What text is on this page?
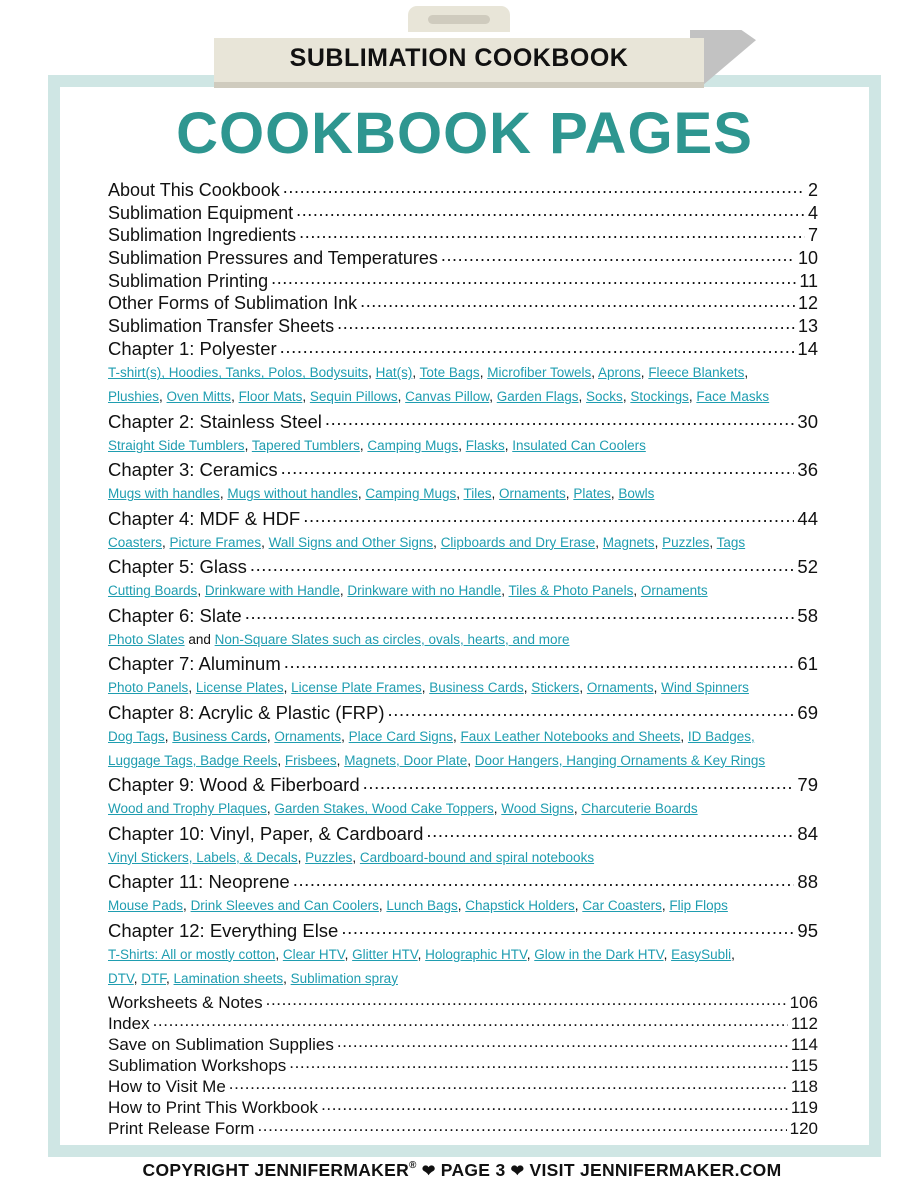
SUBLIMATION COOKBOOK
COOKBOOK PAGES
About This Cookbook .....	2
Sublimation Equipment .....	4
Sublimation Ingredients .....	7
Sublimation Pressures and Temperatures .....	10
Sublimation Printing .....	11
Other Forms of Sublimation Ink .....	12
Sublimation Transfer Sheets .....	13
Chapter 1: Polyester .....	14
T-shirt(s), Hoodies, Tanks, Polos, Bodysuits, Hat(s), Tote Bags, Microfiber Towels, Aprons, Fleece Blankets,
Plushies, Oven Mitts, Floor Mats, Sequin Pillows, Canvas Pillow, Garden Flags, Socks, Stockings, Face Masks
Chapter 2: Stainless Steel .....	30
Straight Side Tumblers, Tapered Tumblers, Camping Mugs, Flasks, Insulated Can Coolers
Chapter 3: Ceramics .....	36
Mugs with handles, Mugs without handles, Camping Mugs, Tiles, Ornaments, Plates, Bowls
Chapter 4: MDF & HDF .....	44
Coasters, Picture Frames, Wall Signs and Other Signs, Clipboards and Dry Erase, Magnets, Puzzles, Tags
Chapter 5: Glass .....	52
Cutting Boards, Drinkware with Handle, Drinkware with no Handle, Tiles & Photo Panels, Ornaments
Chapter 6: Slate .....	58
Photo Slates and Non-Square Slates such as circles, ovals, hearts, and more
Chapter 7: Aluminum .....	61
Photo Panels, License Plates, License Plate Frames, Business Cards, Stickers, Ornaments, Wind Spinners
Chapter 8: Acrylic & Plastic (FRP) .....	69
Dog Tags, Business Cards, Ornaments, Place Card Signs, Faux Leather Notebooks and Sheets, ID Badges,
Luggage Tags, Badge Reels, Frisbees, Magnets, Door Plate, Door Hangers, Hanging Ornaments & Key Rings
Chapter 9: Wood & Fiberboard .....	79
Wood and Trophy Plaques, Garden Stakes, Wood Cake Toppers, Wood Signs, Charcuterie Boards
Chapter 10: Vinyl, Paper, & Cardboard .....	84
Vinyl Stickers, Labels, & Decals, Puzzles, Cardboard-bound and spiral notebooks
Chapter 11: Neoprene .....	88
Mouse Pads, Drink Sleeves and Can Coolers, Lunch Bags, Chapstick Holders, Car Coasters, Flip Flops
Chapter 12: Everything Else .....	95
T-Shirts: All or mostly cotton, Clear HTV, Glitter HTV, Holographic HTV, Glow in the Dark HTV, EasySubli,
DTV, DTF, Lamination sheets, Sublimation spray
Worksheets & Notes .....	106
Index .....	112
Save on Sublimation Supplies .....	114
Sublimation Workshops .....	115
How to Visit Me .....	118
How to Print This Workbook .....	119
Print Release Form .....	120
COPYRIGHT JENNIFERMAKER® ❤ PAGE 3 ❤ VISIT JENNIFERMAKER.COM
